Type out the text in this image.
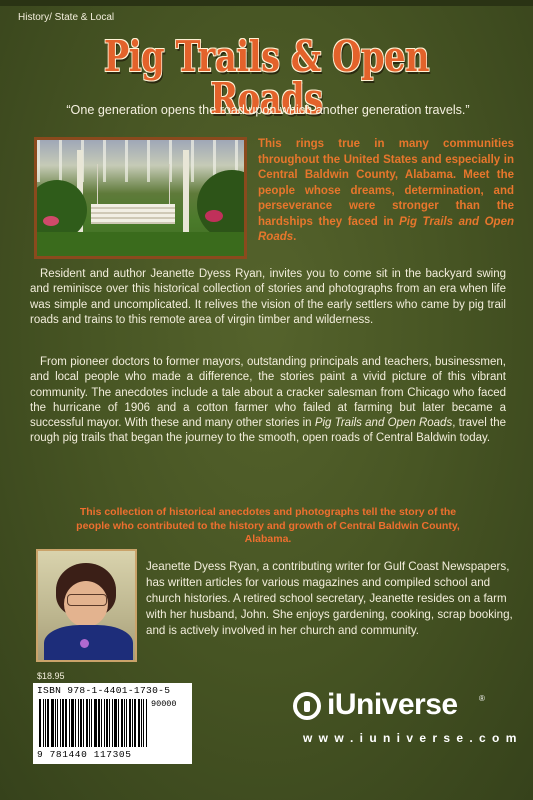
History/ State & Local
Pig Trails & Open Roads
“One generation opens the road upon which another generation travels.”
This rings true in many communities throughout the United States and especially in Central Baldwin County, Alabama. Meet the people whose dreams, determination, and perseverance were stronger than the hardships they faced in Pig Trails and Open Roads.
Resident and author Jeanette Dyess Ryan, invites you to come sit in the backyard swing and reminisce over this historical collection of stories and photographs from an era when life was simple and uncomplicated. It relives the vision of the early settlers who came by pig trail roads and trains to this remote area of virgin timber and wilderness.
From pioneer doctors to former mayors, outstanding principals and teachers, businessmen, and local people who made a difference, the stories paint a vivid picture of this vibrant community. The anecdotes include a tale about a cracker salesman from Chicago who faced the hurricane of 1906 and a cotton farmer who failed at farming but later became a successful mayor. With these and many other stories in Pig Trails and Open Roads, travel the rough pig trails that began the journey to the smooth, open roads of Central Baldwin today.
This collection of historical anecdotes and photographs tell the story of the people who contributed to the history and growth of Central Baldwin County, Alabama.
Jeanette Dyess Ryan, a contributing writer for Gulf Coast Newspapers, has written articles for various magazines and compiled school and church histories. A retired school secretary, Jeanette resides on a farm with her husband, John. She enjoys gardening, cooking, scrap booking, and is actively involved in her church and community.
$18.95
ISBN 978-1-4401-1730-5
90000
9 781440 117305
iUniverse	®
w w w . i u n i v e r s e . c o m
